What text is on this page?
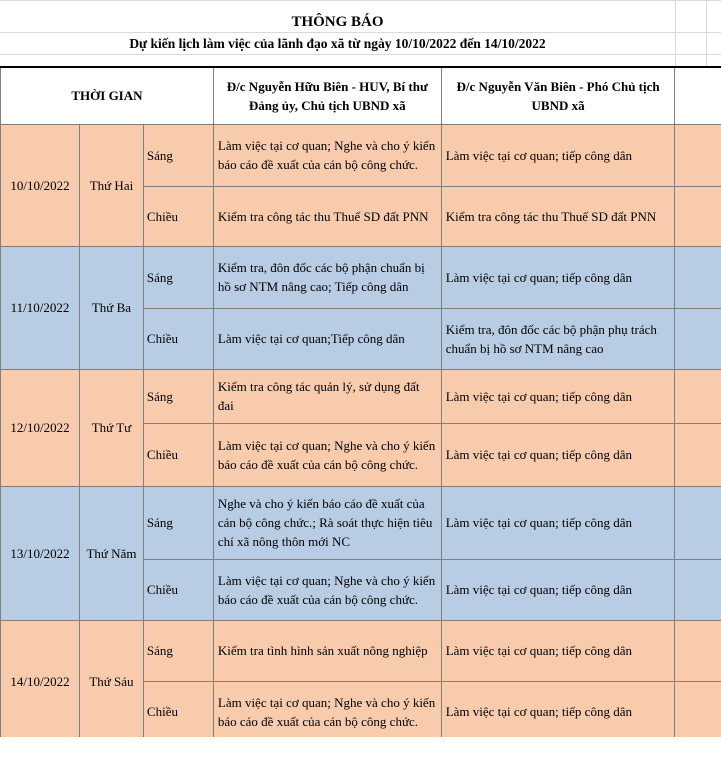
THÔNG BÁO
Dự kiến lịch làm việc của lãnh đạo xã từ ngày 10/10/2022 đến 14/10/2022
THỜI GIAN			Đ/c Nguyễn Hữu Biên - HUV, Bí thư Đảng ủy, Chủ tịch UBND xã	Đ/c Nguyễn Văn Biên - Phó Chủ tịch UBND xã	
10/10/2022	Thứ Hai	Sáng	Làm việc tại cơ quan; Nghe và cho ý kiến báo cáo đề xuất của cán bộ công chức.	Làm việc tại cơ quan; tiếp công dân	
		Chiều	Kiểm tra công tác thu Thuế SD đất PNN	Kiểm tra công tác thu Thuế SD đất PNN	
11/10/2022	Thứ Ba	Sáng	Kiểm tra, đôn đốc các bộ phận chuẩn bị hồ sơ NTM nâng cao; Tiếp công dân	Làm việc tại cơ quan; tiếp công dân	
		Chiều	Làm việc tại cơ quan;Tiếp công dân	Kiểm tra, đôn đốc các bộ phận phụ trách chuẩn bị hồ sơ NTM nâng cao	
12/10/2022	Thứ Tư	Sáng	Kiểm tra công tác quản lý, sử dụng đất đai	Làm việc tại cơ quan; tiếp công dân	
		Chiều	Làm việc tại cơ quan; Nghe và cho ý kiến báo cáo đề xuất của cán bộ công chức.	Làm việc tại cơ quan; tiếp công dân	
13/10/2022	Thứ Năm	Sáng	Nghe và cho ý kiến báo cáo đề xuất của cán bộ công chức.; Rà soát thực hiện tiêu chí xã nông thôn mới NC	Làm việc tại cơ quan; tiếp công dân	
		Chiều	Làm việc tại cơ quan; Nghe và cho ý kiến báo cáo đề xuất của cán bộ công chức.	Làm việc tại cơ quan; tiếp công dân	
14/10/2022	Thứ Sáu	Sáng	Kiểm tra tình hình sản xuất nông nghiệp	Làm việc tại cơ quan; tiếp công dân	
		Chiều	Làm việc tại cơ quan; Nghe và cho ý kiến báo cáo đề xuất của cán bộ công chức.	Làm việc tại cơ quan; tiếp công dân	
